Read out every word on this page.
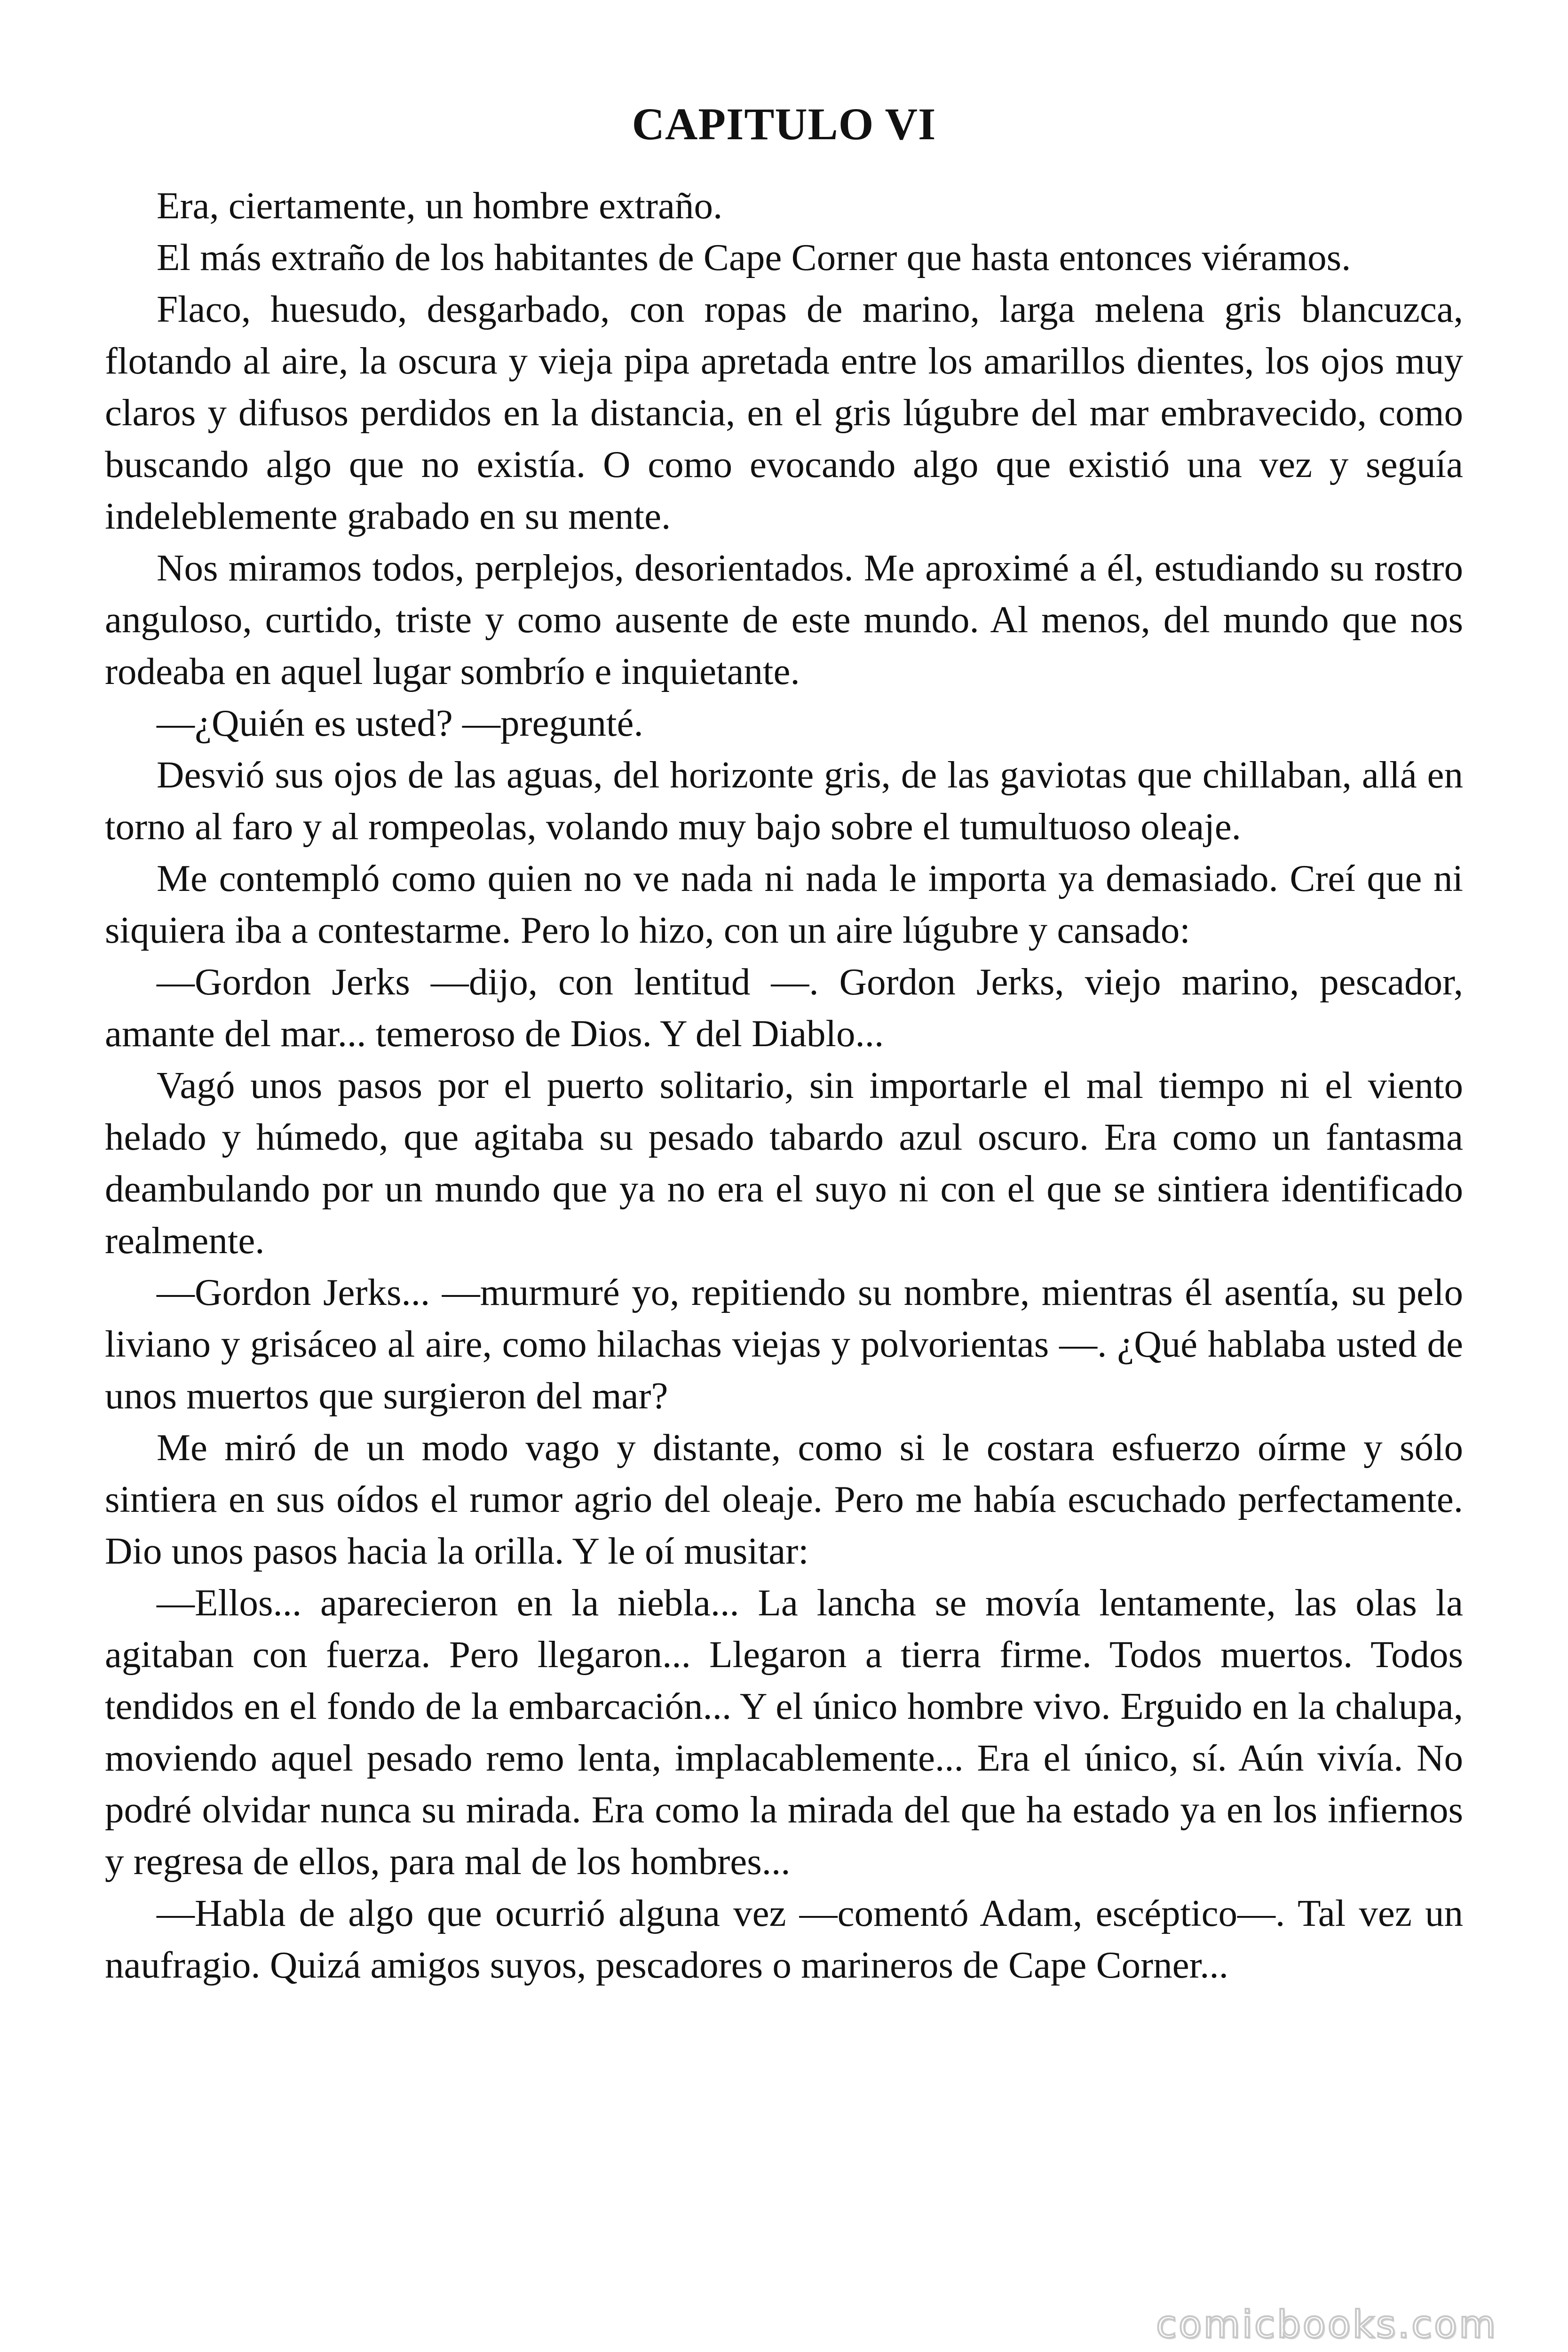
CAPITULO VI

Era, ciertamente, un hombre extraño.

El más extraño de los habitantes de Cape Corner que hasta entonces viéramos.

Flaco, huesudo, desgarbado, con ropas de marino, larga melena gris blancuzca, flotando al aire, la oscura y vieja pipa apretada entre los amarillos dientes, los ojos muy claros y difusos perdidos en la distancia, en el gris lúgubre del mar embravecido, como buscando algo que no existía. O como evocando algo que existió una vez y seguía indeleblemente grabado en su mente.

Nos miramos todos, perplejos, desorientados. Me aproximé a él, estudiando su rostro anguloso, curtido, triste y como ausente de este mundo. Al menos, del mundo que nos rodeaba en aquel lugar sombrío e inquietante.

—¿Quién es usted? —pregunté.

Desvió sus ojos de las aguas, del horizonte gris, de las gaviotas que chillaban, allá en torno al faro y al rompeolas, volando muy bajo sobre el tumultuoso oleaje.

Me contempló como quien no ve nada ni nada le importa ya demasiado. Creí que ni siquiera iba a contestarme. Pero lo hizo, con un aire lúgubre y cansado:

—Gordon Jerks —dijo, con lentitud —. Gordon Jerks, viejo marino, pescador, amante del mar... temeroso de Dios. Y del Diablo...

Vagó unos pasos por el puerto solitario, sin importarle el mal tiempo ni el viento helado y húmedo, que agitaba su pesado tabardo azul oscuro. Era como un fantasma deambulando por un mundo que ya no era el suyo ni con el que se sintiera identificado realmente.

—Gordon Jerks... —murmuré yo, repitiendo su nombre, mientras él asentía, su pelo liviano y grisáceo al aire, como hilachas viejas y polvorientas —. ¿Qué hablaba usted de unos muertos que surgieron del mar?

Me miró de un modo vago y distante, como si le costara esfuerzo oírme y sólo sintiera en sus oídos el rumor agrio del oleaje. Pero me había escuchado perfectamente. Dio unos pasos hacia la orilla. Y le oí musitar:

—Ellos... aparecieron en la niebla... La lancha se movía lentamente, las olas la agitaban con fuerza. Pero llegaron... Llegaron a tierra firme. Todos muertos. Todos tendidos en el fondo de la embarcación... Y el único hombre vivo. Erguido en la chalupa, moviendo aquel pesado remo lenta, implacablemente... Era el único, sí. Aún vivía. No podré olvidar nunca su mirada. Era como la mirada del que ha estado ya en los infiernos y regresa de ellos, para mal de los hombres...

—Habla de algo que ocurrió alguna vez —comentó Adam, escéptico—. Tal vez un naufragio. Quizá amigos suyos, pescadores o marineros de Cape Corner...

comicbooks.com
